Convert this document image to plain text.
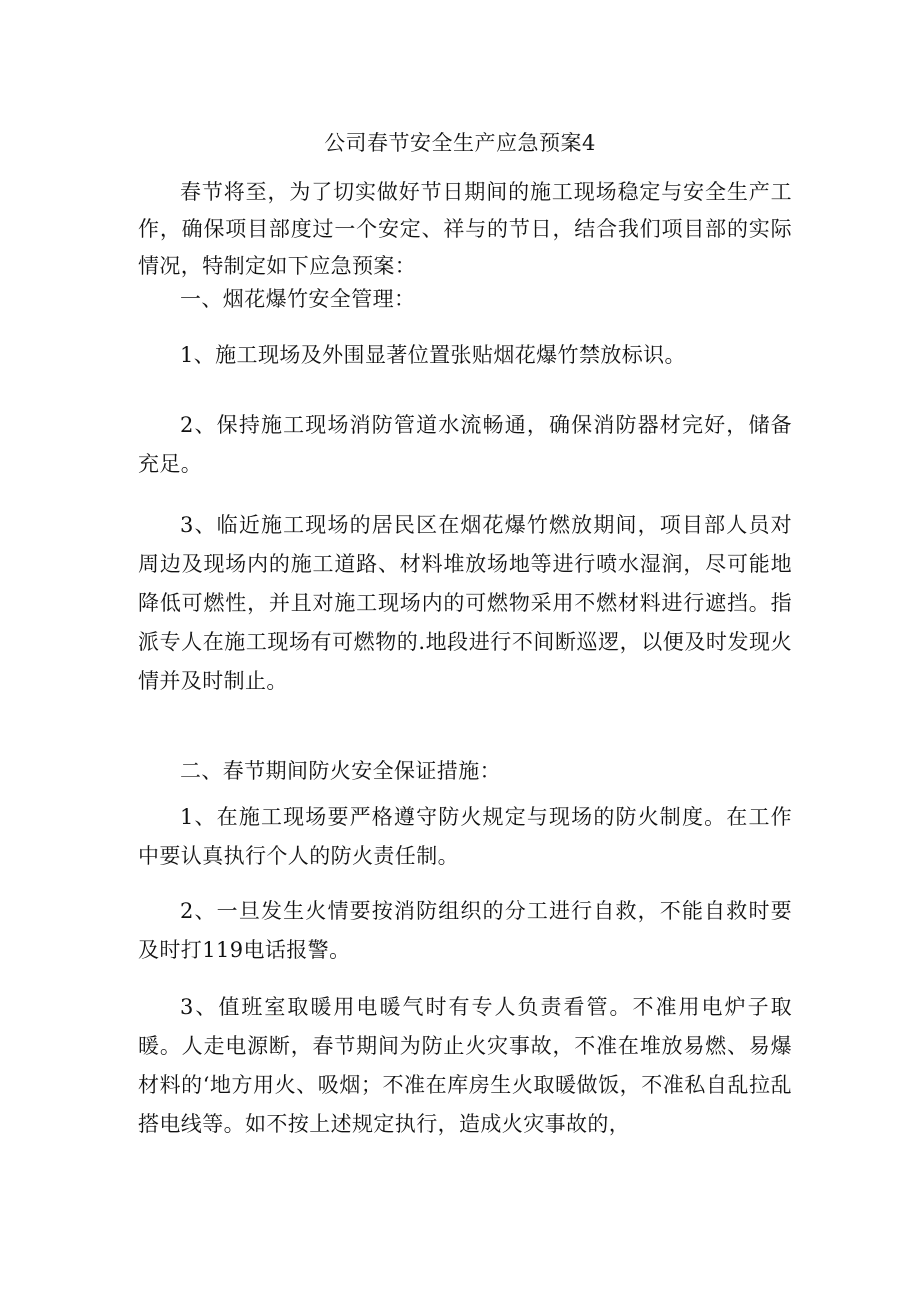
公司春节安全生产应急预案4

春节将至，为了切实做好节日期间的施工现场稳定与安全生产工作，确保项目部度过一个安定、祥与的节日，结合我们项目部的实际情况，特制定如下应急预案：

一、烟花爆竹安全管理：

1、施工现场及外围显著位置张贴烟花爆竹禁放标识。

2、保持施工现场消防管道水流畅通，确保消防器材完好，储备充足。

3、临近施工现场的居民区在烟花爆竹燃放期间，项目部人员对周边及现场内的施工道路、材料堆放场地等进行喷水湿润，尽可能地降低可燃性，并且对施工现场内的可燃物采用不燃材料进行遮挡。指派专人在施工现场有可燃物的.地段进行不间断巡逻，以便及时发现火情并及时制止。

二、春节期间防火安全保证措施：

1、在施工现场要严格遵守防火规定与现场的防火制度。在工作中要认真执行个人的防火责任制。

2、一旦发生火情要按消防组织的分工进行自救，不能自救时要及时打119电话报警。

3、值班室取暖用电暖气时有专人负责看管。不准用电炉子取暖。人走电源断，春节期间为防止火灾事故，不准在堆放易燃、易爆材料的‘地方用火、吸烟；不准在库房生火取暖做饭，不准私自乱拉乱搭电线等。如不按上述规定执行，造成火灾事故的，
